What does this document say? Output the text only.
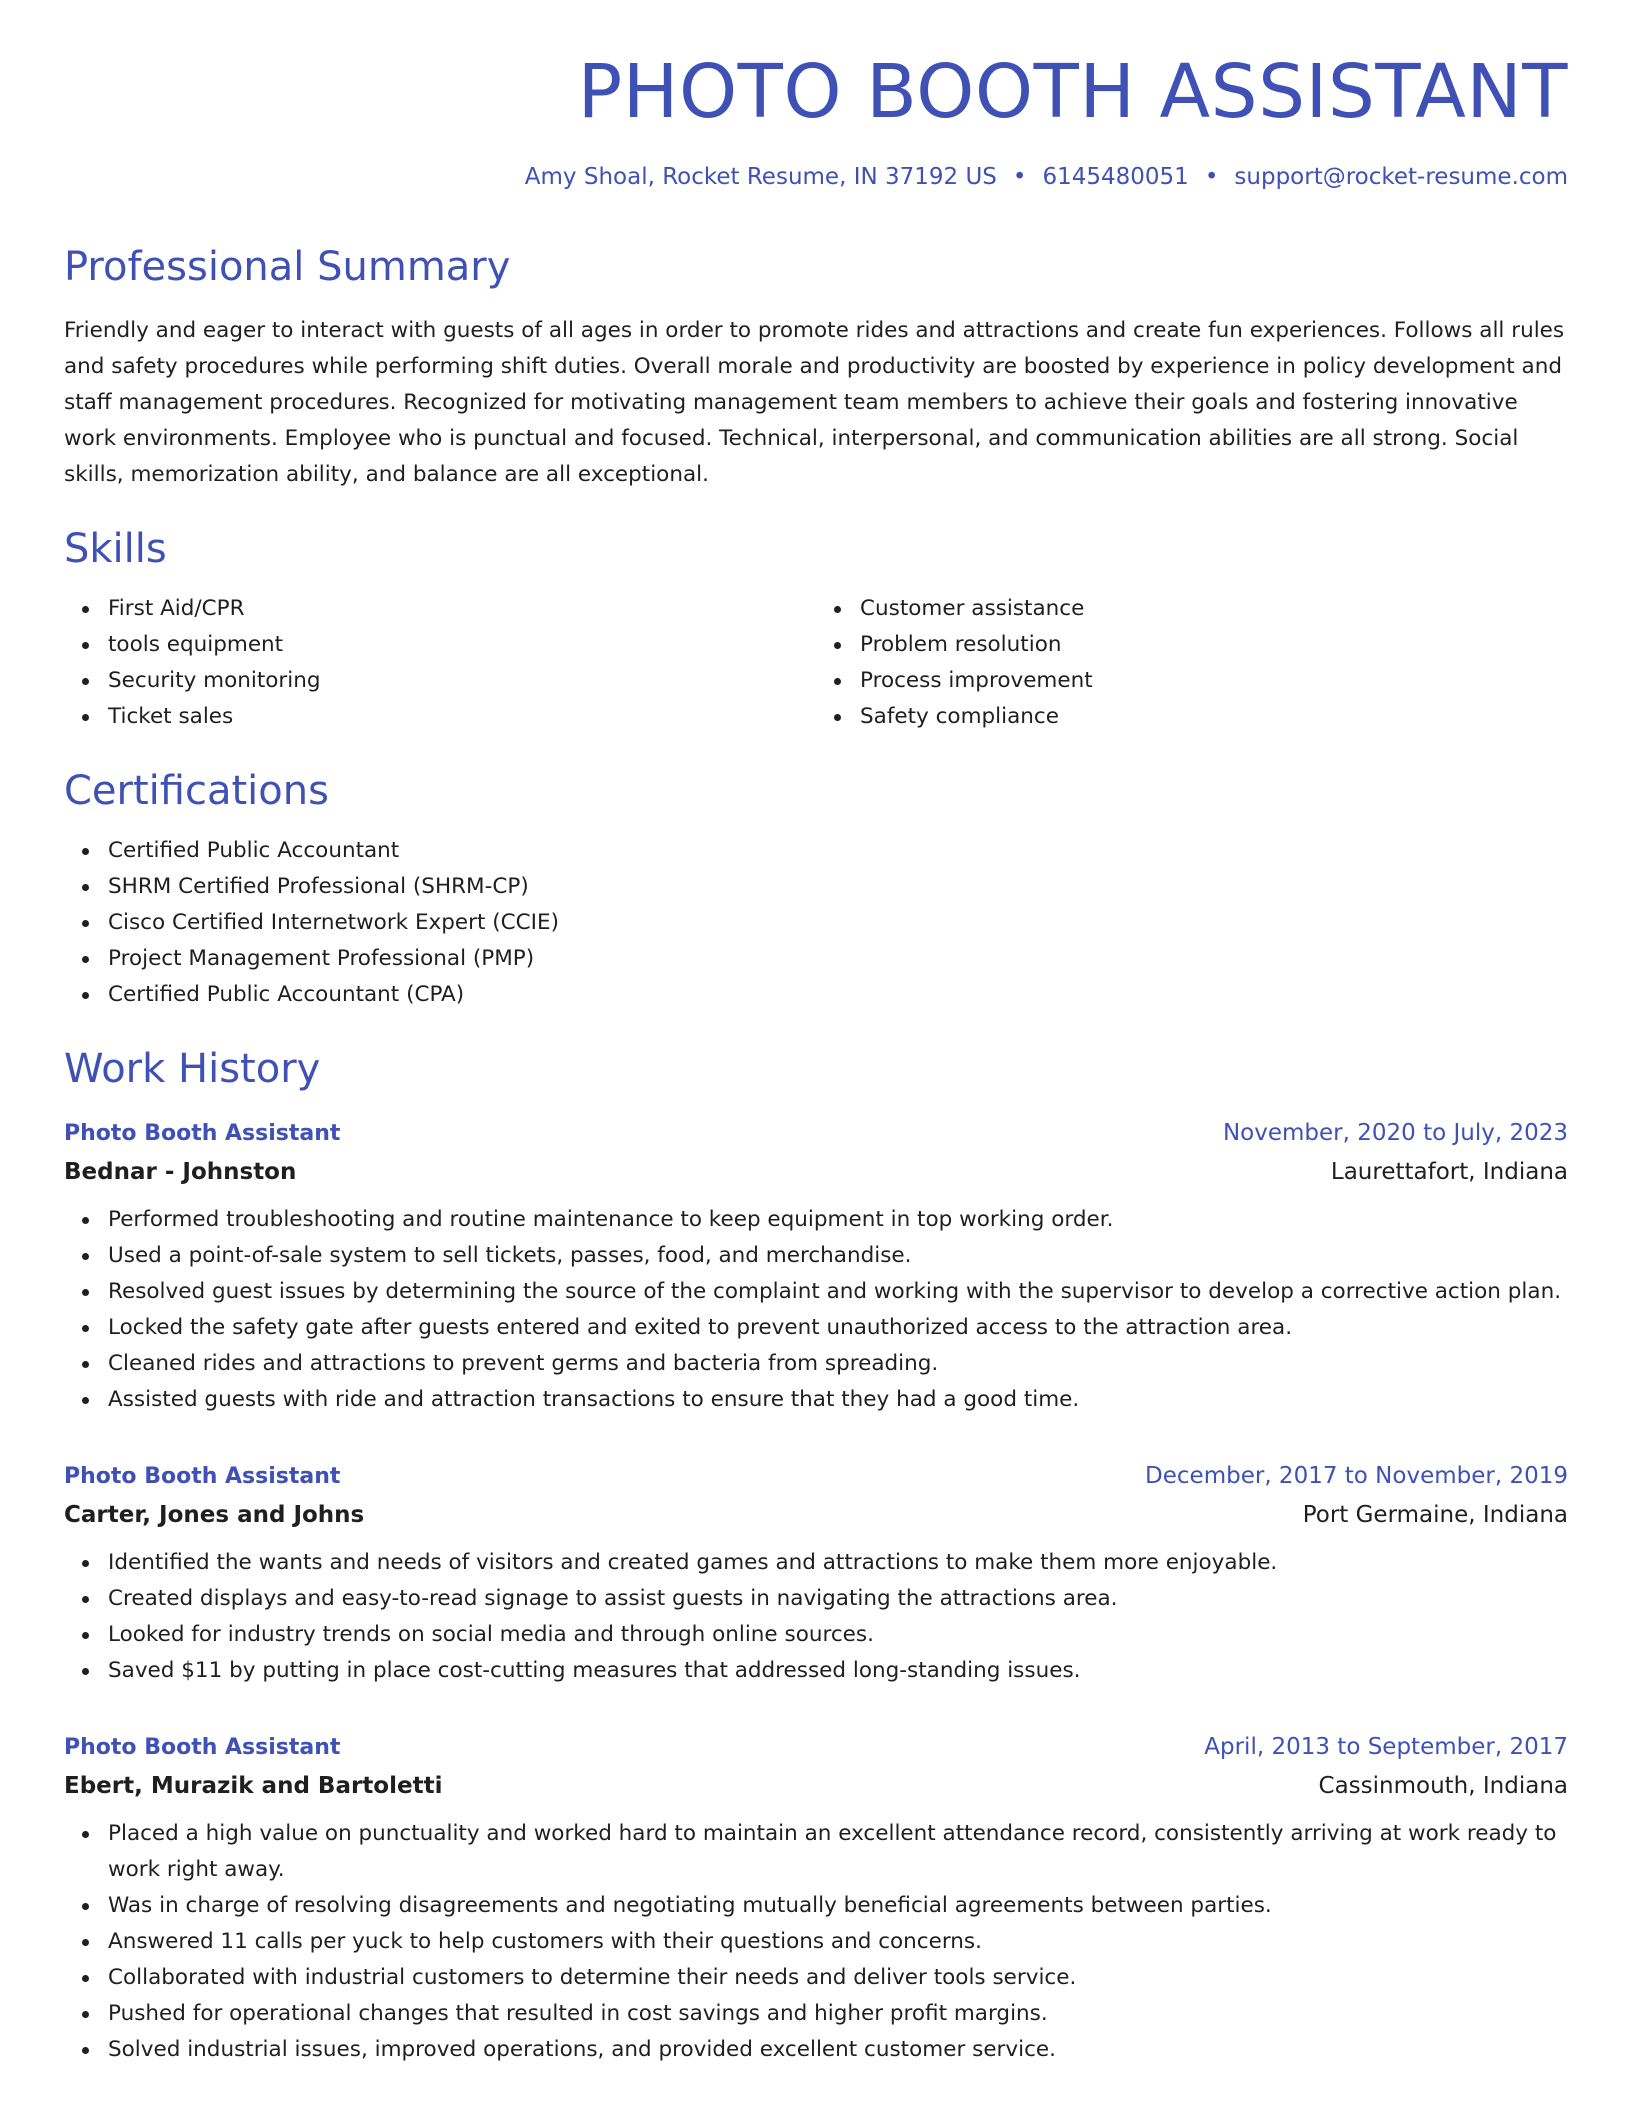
PHOTO BOOTH ASSISTANT
Amy Shoal, Rocket Resume, IN 37192 US • 6145480051 • support@rocket-resume.com
Professional Summary
Friendly and eager to interact with guests of all ages in order to promote rides and attractions and create fun experiences. Follows all rules and safety procedures while performing shift duties. Overall morale and productivity are boosted by experience in policy development and staff management procedures. Recognized for motivating management team members to achieve their goals and fostering innovative work environments. Employee who is punctual and focused. Technical, interpersonal, and communication abilities are all strong. Social skills, memorization ability, and balance are all exceptional.
Skills
First Aid/CPR
tools equipment
Security monitoring
Ticket sales
Customer assistance
Problem resolution
Process improvement
Safety compliance
Certifications
Certified Public Accountant
SHRM Certified Professional (SHRM-CP)
Cisco Certified Internetwork Expert (CCIE)
Project Management Professional (PMP)
Certified Public Accountant (CPA)
Work History
Photo Booth Assistant	November, 2020 to July, 2023
Bednar - Johnston	Laurettafort, Indiana
Performed troubleshooting and routine maintenance to keep equipment in top working order.
Used a point-of-sale system to sell tickets, passes, food, and merchandise.
Resolved guest issues by determining the source of the complaint and working with the supervisor to develop a corrective action plan.
Locked the safety gate after guests entered and exited to prevent unauthorized access to the attraction area.
Cleaned rides and attractions to prevent germs and bacteria from spreading.
Assisted guests with ride and attraction transactions to ensure that they had a good time.
Photo Booth Assistant	December, 2017 to November, 2019
Carter, Jones and Johns	Port Germaine, Indiana
Identified the wants and needs of visitors and created games and attractions to make them more enjoyable.
Created displays and easy-to-read signage to assist guests in navigating the attractions area.
Looked for industry trends on social media and through online sources.
Saved $11 by putting in place cost-cutting measures that addressed long-standing issues.
Photo Booth Assistant	April, 2013 to September, 2017
Ebert, Murazik and Bartoletti	Cassinmouth, Indiana
Placed a high value on punctuality and worked hard to maintain an excellent attendance record, consistently arriving at work ready to work right away.
Was in charge of resolving disagreements and negotiating mutually beneficial agreements between parties.
Answered 11 calls per yuck to help customers with their questions and concerns.
Collaborated with industrial customers to determine their needs and deliver tools service.
Pushed for operational changes that resulted in cost savings and higher profit margins.
Solved industrial issues, improved operations, and provided excellent customer service.
